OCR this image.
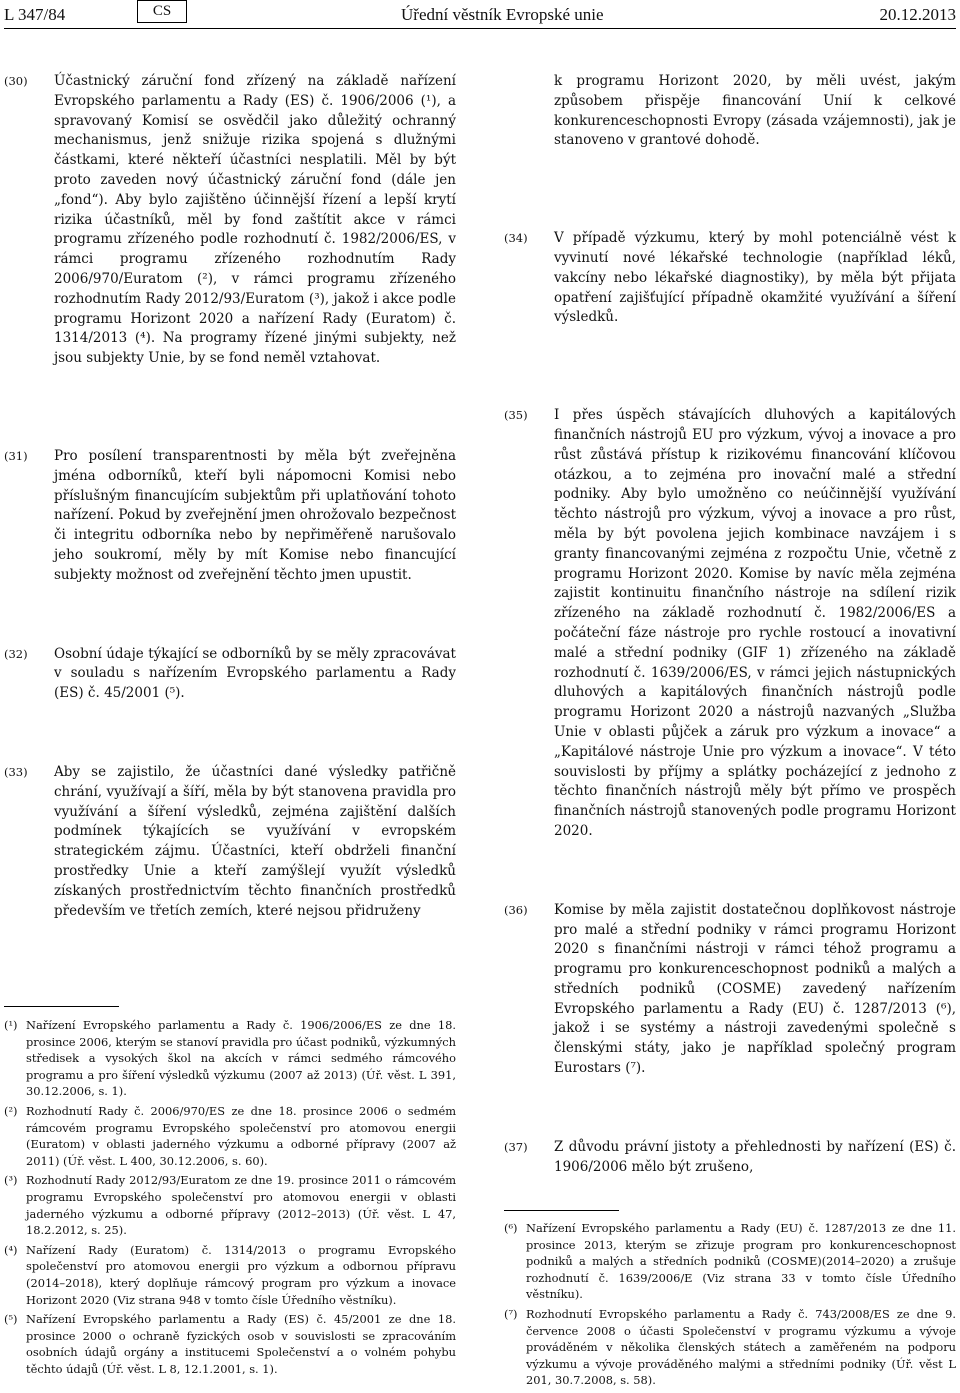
L 347/84	CS	Úřední věstník Evropské unie	20.12.2013
(30) Účastnický záruční fond zřízený na základě nařízení Evropského parlamentu a Rady (ES) č. 1906/2006 (¹), a spravovaný Komisí se osvědčil jako důležitý ochranný mechanismus, jenž snižuje rizika spojená s dlužnými částkami, které někteří účastníci nesplatili. Měl by být proto zaveden nový účastnický záruční fond (dále jen „fond“). Aby bylo zajištěno účinnější řízení a lepší krytí rizika účastníků, měl by fond zaštítit akce v rámci programu zřízeného podle rozhodnutí č. 1982/2006/ES, v rámci programu zřízeného rozhodnutím Rady 2006/970/Euratom (²), v rámci programu zřízeného rozhodnutím Rady 2012/93/Euratom (³), jakož i akce podle programu Horizont 2020 a nařízení Rady (Euratom) č. 1314/2013 (⁴). Na programy řízené jinými subjekty, než jsou subjekty Unie, by se fond neměl vztahovat.
(31) Pro posílení transparentnosti by měla být zveřejněna jména odborníků, kteří byli nápomocni Komisi nebo příslušným financujícím subjektům při uplatňování tohoto nařízení. Pokud by zveřejnění jmen ohrožovalo bezpečnost či integritu odborníka nebo by nepřiměřeně narušovalo jeho soukromí, měly by mít Komise nebo financující subjekty možnost od zveřejnění těchto jmen upustit.
(32) Osobní údaje týkající se odborníků by se měly zpracovávat v souladu s nařízením Evropského parlamentu a Rady (ES) č. 45/2001 (⁵).
(33) Aby se zajistilo, že účastníci dané výsledky patřičně chrání, využívají a šíří, měla by být stanovena pravidla pro využívání a šíření výsledků, zejména zajištění dalších podmínek týkajících se využívání v evropském strategickém zájmu. Účastníci, kteří obdrželi finanční prostředky Unie a kteří zamýšlejí využít výsledků získaných prostřednictvím těchto finančních prostředků především ve třetích zemích, které nejsou přidruženy
(¹) Nařízení Evropského parlamentu a Rady č. 1906/2006/ES ze dne 18. prosince 2006, kterým se stanoví pravidla pro účast podniků, výzkumných středisek a vysokých škol na akcích v rámci sedmého rámcového programu a pro šíření výsledků výzkumu (2007 až 2013) (Úř. věst. L 391, 30.12.2006, s. 1).
(²) Rozhodnutí Rady č. 2006/970/ES ze dne 18. prosince 2006 o sedmém rámcovém programu Evropského společenství pro atomovou energii (Euratom) v oblasti jaderného výzkumu a odborné přípravy (2007 až 2011) (Úř. věst. L 400, 30.12.2006, s. 60).
(³) Rozhodnutí Rady 2012/93/Euratom ze dne 19. prosince 2011 o rámcovém programu Evropského společenství pro atomovou energii v oblasti jaderného výzkumu a odborné přípravy (2012–2013) (Úř. věst. L 47, 18.2.2012, s. 25).
(⁴) Nařízení Rady (Euratom) č. 1314/2013 o programu Evropského společenství pro atomovou energii pro výzkum a odbornou přípravu (2014–2018), který doplňuje rámcový program pro výzkum a inovace Horizont 2020 (Viz strana 948 v tomto čísle Úředního věstníku).
(⁵) Nařízení Evropského parlamentu a Rady (ES) č. 45/2001 ze dne 18. prosince 2000 o ochraně fyzických osob v souvislosti se zpracováním osobních údajů orgány a institucemi Společenství a o volném pohybu těchto údajů (Úř. věst. L 8, 12.1.2001, s. 1).
k programu Horizont 2020, by měli uvést, jakým způsobem přispěje financování Unií k celkové konkurenceschopnosti Evropy (zásada vzájemnosti), jak je stanoveno v grantové dohodě.
(34) V případě výzkumu, který by mohl potenciálně vést k vyvinutí nové lékařské technologie (například léků, vakcíny nebo lékařské diagnostiky), by měla být přijata opatření zajišťující případně okamžité využívání a šíření výsledků.
(35) I přes úspěch stávajících dluhových a kapitálových finančních nástrojů EU pro výzkum, vývoj a inovace a pro růst zůstává přístup k rizikovému financování klíčovou otázkou, a to zejména pro inovační malé a střední podniky. Aby bylo umožněno co neúčinnější využívání těchto nástrojů pro výzkum, vývoj a inovace a pro růst, měla by být povolena jejich kombinace navzájem i s granty financovanými zejména z rozpočtu Unie, včetně z programu Horizont 2020. Komise by navíc měla zejména zajistit kontinuitu finančního nástroje na sdílení rizik zřízeného na základě rozhodnutí č. 1982/2006/ES a počáteční fáze nástroje pro rychle rostoucí a inovativní malé a střední podniky (GIF 1) zřízeného na základě rozhodnutí č. 1639/2006/ES, v rámci jejich nástupnických dluhových a kapitálových finančních nástrojů podle programu Horizont 2020 a nástrojů nazvaných „Služba Unie v oblasti půjček a záruk pro výzkum a inovace“ a „Kapitálové nástroje Unie pro výzkum a inovace“. V této souvislosti by příjmy a splátky pocházející z jednoho z těchto finančních nástrojů měly být přímo ve prospěch finančních nástrojů stanovených podle programu Horizont 2020.
(36) Komise by měla zajistit dostatečnou doplňkovost nástroje pro malé a střední podniky v rámci programu Horizont 2020 s finančními nástroji v rámci téhož programu a programu pro konkurenceschopnost podniků a malých a středních podniků (COSME) zavedený nařízením Evropského parlamentu a Rady (EU) č. 1287/2013 (⁶), jakož i se systémy a nástroji zavedenými společně s členskými státy, jako je například společný program Eurostars (⁷).
(37) Z důvodu právní jistoty a přehlednosti by nařízení (ES) č. 1906/2006 mělo být zrušeno,
(⁶) Nařízení Evropského parlamentu a Rady (EU) č. 1287/2013 ze dne 11. prosince 2013, kterým se zřizuje program pro konkurenceschopnost podniků a malých a středních podniků (COSME)(2014–2020) a zrušuje rozhodnutí č. 1639/2006/E (Viz strana 33 v tomto čísle Úředního věstníku).
(⁷) Rozhodnutí Evropského parlamentu a Rady č. 743/2008/ES ze dne 9. července 2008 o účasti Společenství v programu výzkumu a vývoje prováděném v několika členských státech a zaměřeném na podporu výzkumu a vývoje prováděného malými a středními podniky (Úř. věst L 201, 30.7.2008, s. 58).
